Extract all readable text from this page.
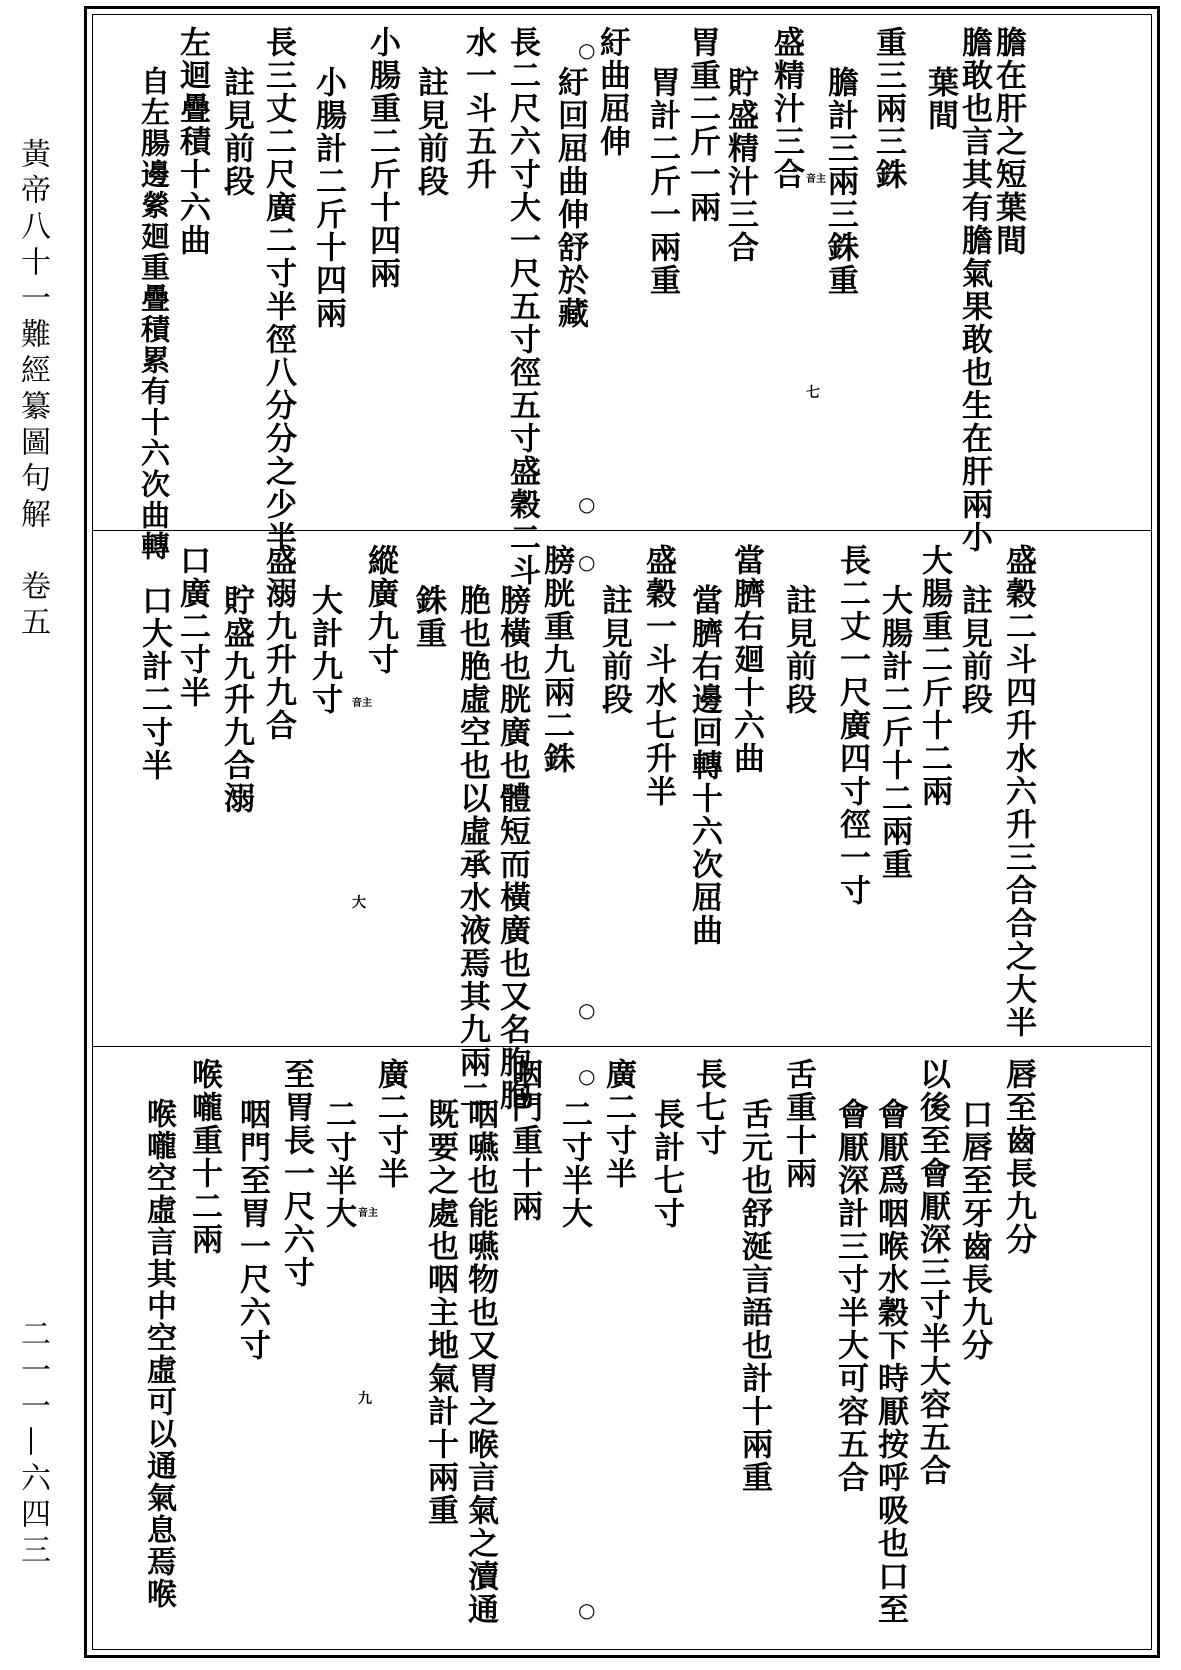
黃帝八十一難經纂圖句解　卷五
二一一—六四三
膽在肝之短葉間
膽敢也言其有膽氣果敢也生在肝兩小
葉間
重三兩三銖
膽計三兩三銖重
盛精汁三合
貯盛精汁三合
胃重二斤一兩
胃計二斤一兩重
紆曲屈伸
紆回屈曲伸舒於藏
長二尺六寸大一尺五寸徑五寸盛穀二斗
水一斗五升
註見前段
小腸重二斤十四兩
小腸計二斤十四兩
長三丈二尺廣二寸半徑八分分之少半
註見前段
左迴疊積十六曲
自左腸邊縈廻重疊積累有十六次曲轉
○
○
音主
七
盛穀二斗四升水六升三合合之大半
註見前段
大腸重二斤十二兩
大腸計二斤十二兩重
長二丈一尺廣四寸徑一寸
註見前段
當臍右廻十六曲
當臍右邊回轉十六次屈曲
盛穀一斗水七升半
註見前段
膀胱重九兩二銖
膀橫也胱廣也體短而橫廣也又名胞胞
脃也脃虛空也以虛承水液焉其九兩二
銖重
縱廣九寸
大計九寸
盛溺九升九合
貯盛九升九合溺
口廣二寸半
口大計二寸半
○
○
音主
大
唇至齒長九分
口唇至牙齒長九分
以後至會厭深三寸半大容五合
會厭爲咽喉水穀下時厭按呼吸也口至
會厭深計三寸半大可容五合
舌重十兩
舌元也舒涎言語也計十兩重
長七寸
長計七寸
廣二寸半
二寸半大
咽門重十兩
咽嚥也能嚥物也又胃之喉言氣之瀆通
既要之處也咽主地氣計十兩重
廣二寸半
二寸半大
至胃長一尺六寸
咽門至胃一尺六寸
喉嚨重十二兩
喉嚨空虛言其中空虛可以通氣息焉喉
○
○
音主
九
